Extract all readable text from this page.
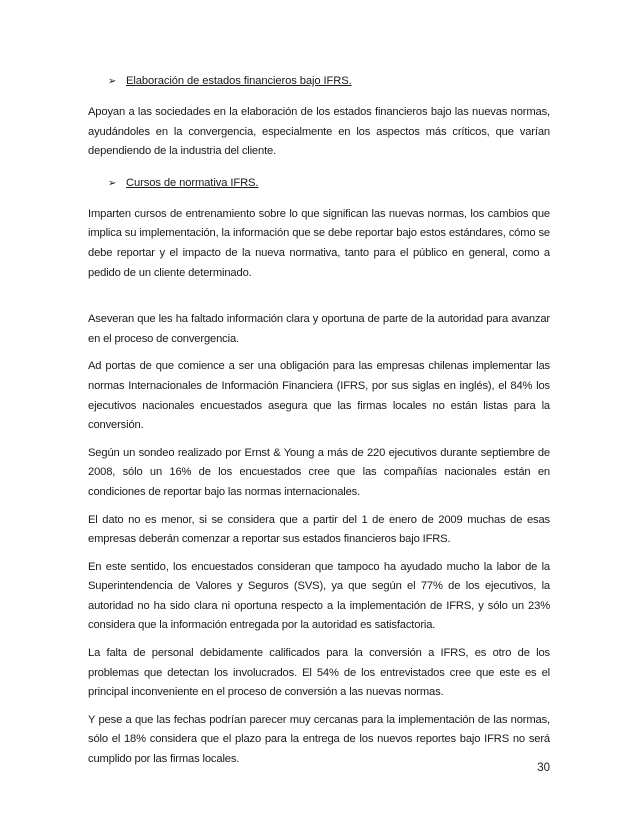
➢ Elaboración de estados financieros bajo IFRS.

Apoyan a las sociedades en la elaboración de los estados financieros bajo las nuevas normas, ayudándoles en la convergencia, especialmente en los aspectos más críticos, que varían dependiendo de la industria del cliente.

➢ Cursos de normativa IFRS.

Imparten cursos de entrenamiento sobre lo que significan las nuevas normas, los cambios que implica su implementación, la información que se debe reportar bajo estos estándares, cómo se debe reportar y el impacto de la nueva normativa, tanto para el público en general, como a pedido de un cliente determinado.

Aseveran que les ha faltado información clara y oportuna de parte de la autoridad para avanzar en el proceso de convergencia.

Ad portas de que comience a ser una obligación para las empresas chilenas implementar las normas Internacionales de Información Financiera (IFRS, por sus siglas en inglés), el 84% los ejecutivos nacionales encuestados asegura que las firmas locales no están listas para la conversión.

Según un sondeo realizado por Ernst & Young a más de 220 ejecutivos durante septiembre de 2008, sólo un 16% de los encuestados cree que las compañías nacionales están en condiciones de reportar bajo las normas internacionales.

El dato no es menor, si se considera que a partir del 1 de enero de 2009 muchas de esas empresas deberán comenzar a reportar sus estados financieros bajo IFRS.

En este sentido, los encuestados consideran que tampoco ha ayudado mucho la labor de la Superintendencia de Valores y Seguros (SVS), ya que según el 77% de los ejecutivos, la autoridad no ha sido clara ni oportuna respecto a la implementación de IFRS, y sólo un 23% considera que la información entregada por la autoridad es satisfactoria.

La falta de personal debidamente calificados para la conversión a IFRS, es otro de los problemas que detectan los involucrados. El 54% de los entrevistados cree que este es el principal inconveniente en el proceso de conversión a las nuevas normas.

Y pese a que las fechas podrían parecer muy cercanas para la implementación de las normas, sólo el 18% considera que el plazo para la entrega de los nuevos reportes bajo IFRS no será cumplido por las firmas locales.

30
